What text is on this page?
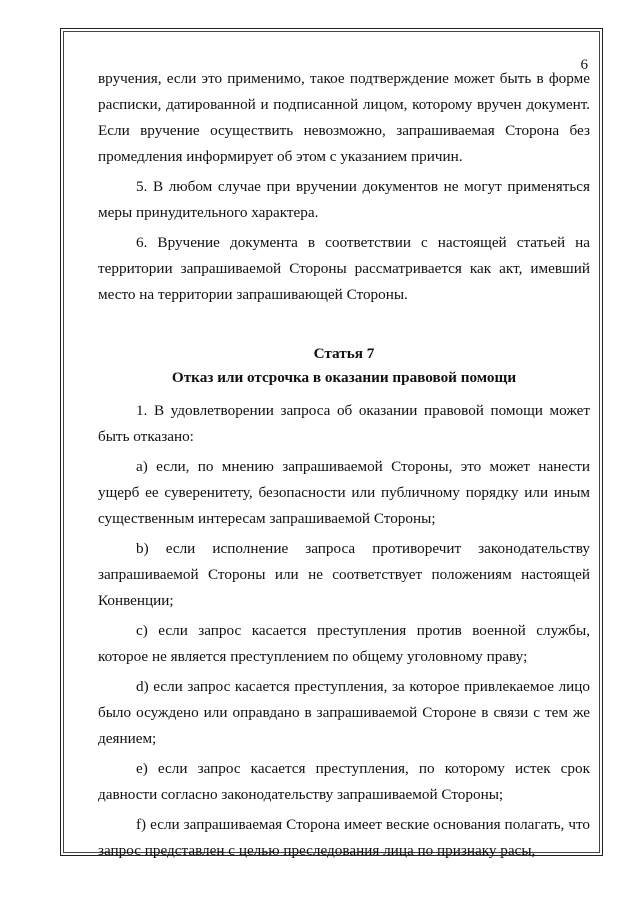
6

вручения, если это применимо, такое подтверждение может быть в форме расписки, датированной и подписанной лицом, которому вручен документ. Если вручение осуществить невозможно, запрашиваемая Сторона без промедления информирует об этом с указанием причин.

5. В любом случае при вручении документов не могут применяться меры принудительного характера.

6. Вручение документа в соответствии с настоящей статьей на территории запрашиваемой Стороны рассматривается как акт, имевший место на территории запрашивающей Стороны.

Статья 7
Отказ или отсрочка в оказании правовой помощи

1. В удовлетворении запроса об оказании правовой помощи может быть отказано:

a) если, по мнению запрашиваемой Стороны, это может нанести ущерб ее суверенитету, безопасности или публичному порядку или иным существенным интересам запрашиваемой Стороны;

b) если исполнение запроса противоречит законодательству запрашиваемой Стороны или не соответствует положениям настоящей Конвенции;

c) если запрос касается преступления против военной службы, которое не является преступлением по общему уголовному праву;

d) если запрос касается преступления, за которое привлекаемое лицо было осуждено или оправдано в запрашиваемой Стороне в связи с тем же деянием;

e) если запрос касается преступления, по которому истек срок давности согласно законодательству запрашиваемой Стороны;

f) если запрашиваемая Сторона имеет веские основания полагать, что запрос представлен с целью преследования лица по признаку расы,
